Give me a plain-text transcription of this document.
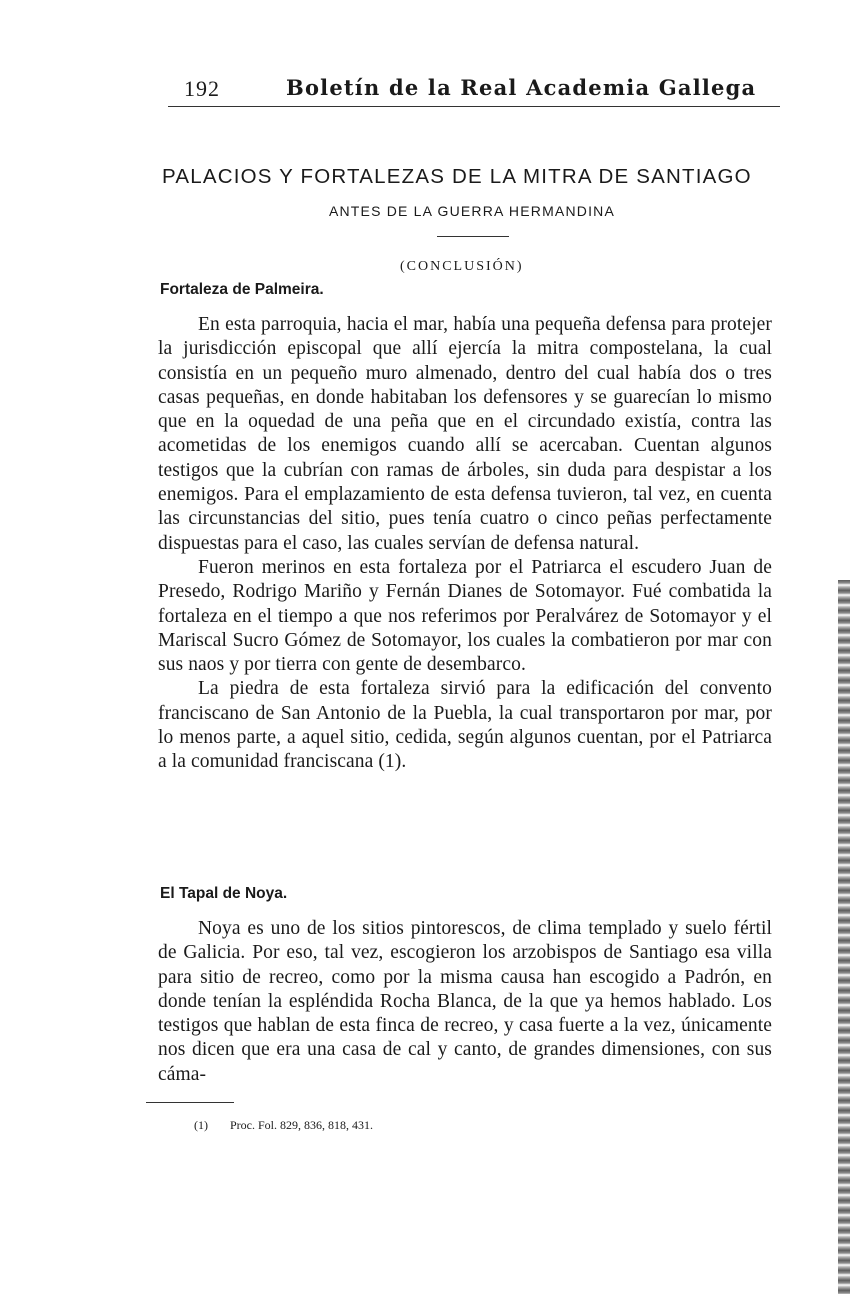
192	Boletín de la Real Academia Gallega
PALACIOS Y FORTALEZAS DE LA MITRA DE SANTIAGO
ANTES DE LA GUERRA HERMANDINA
(CONCLUSIÓN)
Fortaleza de Palmeira.

En esta parroquia, hacia el mar, había una pequeña defensa para protejer la jurisdicción episcopal que allí ejercía la mitra compostelana, la cual consistía en un pequeño muro almenado, dentro del cual había dos o tres casas pequeñas, en donde habitaban los defensores y se guarecían lo mismo que en la oquedad de una peña que en el circundado existía, contra las acometidas de los enemigos cuando allí se acercaban. Cuentan algunos testigos que la cubrían con ramas de árboles, sin duda para despistar a los enemigos. Para el emplazamiento de esta defensa tuvieron, tal vez, en cuenta las circunstancias del sitio, pues tenía cuatro o cinco peñas perfectamente dispuestas para el caso, las cuales servían de defensa natural.

Fueron merinos en esta fortaleza por el Patriarca el escudero Juan de Presedo, Rodrigo Mariño y Fernán Dianes de Sotomayor. Fué combatida la fortaleza en el tiempo a que nos referimos por Peralvárez de Sotomayor y el Mariscal Sucro Gómez de Sotomayor, los cuales la combatieron por mar con sus naos y por tierra con gente de desembarco.

La piedra de esta fortaleza sirvió para la edificación del convento franciscano de San Antonio de la Puebla, la cual transportaron por mar, por lo menos parte, a aquel sitio, cedida, según algunos cuentan, por el Patriarca a la comunidad franciscana (1).

El Tapal de Noya.

Noya es uno de los sitios pintorescos, de clima templado y suelo fértil de Galicia. Por eso, tal vez, escogieron los arzobispos de Santiago esa villa para sitio de recreo, como por la misma causa han escogido a Padrón, en donde tenían la espléndida Rocha Blanca, de la que ya hemos hablado. Los testigos que hablan de esta finca de recreo, y casa fuerte a la vez, únicamente nos dicen que era una casa de cal y canto, de grandes dimensiones, con sus cáma-

(1) Proc. Fol. 829, 836, 818, 431.
